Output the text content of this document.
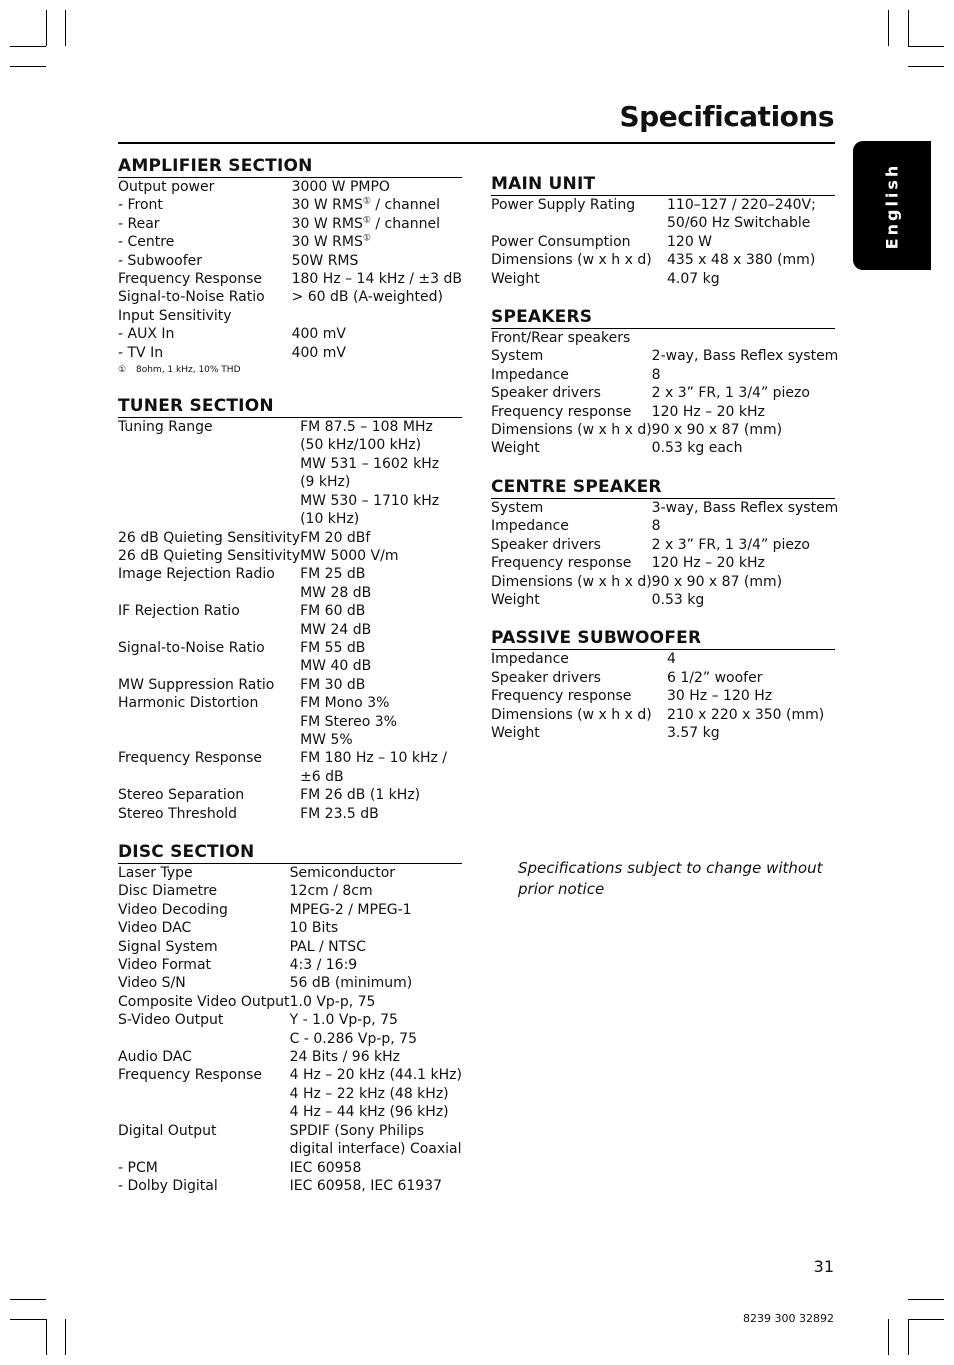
Specifications
English
AMPLIFIER SECTION
Output power	3000 W PMPO
- Front	30 W RMS① / channel
- Rear	30 W RMS① / channel
- Centre	30 W RMS①
- Subwoofer	50W RMS
Frequency Response	180 Hz – 14 kHz / ±3 dB
Signal-to-Noise Ratio	> 60 dB (A-weighted)
Input Sensitivity	
- AUX In	400 mV
- TV In	400 mV
① 8ohm, 1 kHz, 10% THD
TUNER SECTION
Tuning Range	FM 87.5 – 108 MHz
	(50 kHz/100 kHz)
	MW 531 – 1602 kHz
	(9 kHz)
	MW 530 – 1710 kHz
	(10 kHz)
26 dB Quieting Sensitivity	FM 20 dBf
26 dB Quieting Sensitivity	MW 5000 V/m
Image Rejection Radio	FM 25 dB
	MW 28 dB
IF Rejection Ratio	FM 60 dB
	MW 24 dB
Signal-to-Noise Ratio	FM 55 dB
	MW 40 dB
MW Suppression Ratio	FM 30 dB
Harmonic Distortion	FM Mono 3%
	FM Stereo 3%
	MW 5%
Frequency Response	FM 180 Hz – 10 kHz /
	±6 dB
Stereo Separation	FM 26 dB (1 kHz)
Stereo Threshold	FM 23.5 dB
DISC SECTION
Laser Type	Semiconductor
Disc Diametre	12cm / 8cm
Video Decoding	MPEG-2 / MPEG-1
Video DAC	10 Bits
Signal System	PAL / NTSC
Video Format	4:3 / 16:9
Video S/N	56 dB (minimum)
Composite Video Output	1.0 Vp-p, 75
S-Video Output	Y - 1.0 Vp-p, 75
	C - 0.286 Vp-p, 75
Audio DAC	24 Bits / 96 kHz
Frequency Response	4 Hz – 20 kHz (44.1 kHz)
	4 Hz – 22 kHz (48 kHz)
	4 Hz – 44 kHz (96 kHz)
Digital Output	SPDIF (Sony Philips
	digital interface) Coaxial
- PCM	IEC 60958
- Dolby Digital	IEC 60958, IEC 61937
MAIN UNIT
Power Supply Rating	110–127 / 220–240V;
	50/60 Hz Switchable

Power Consumption	120 W
Dimensions (w x h x d)	435 x 48 x 380 (mm)
Weight	4.07 kg
SPEAKERS
Front/Rear speakers	
System	2-way, Bass Reflex system
Impedance	8
Speaker drivers	2 x 3” FR, 1 3/4” piezo
Frequency response	120 Hz – 20 kHz
Dimensions (w x h x d)	90 x 90 x 87 (mm)
Weight	0.53 kg each
CENTRE SPEAKER
System	3-way, Bass Reflex system
Impedance	8
Speaker drivers	2 x 3” FR, 1 3/4” piezo
Frequency response	120 Hz – 20 kHz
Dimensions (w x h x d)	90 x 90 x 87 (mm)
Weight	0.53 kg
PASSIVE SUBWOOFER
Impedance	4
Speaker drivers	6 1/2” woofer
Frequency response	30 Hz – 120 Hz
Dimensions (w x h x d)	210 x 220 x 350 (mm)
Weight	3.57 kg
Specifications subject to change without prior notice
31
8239 300 32892
